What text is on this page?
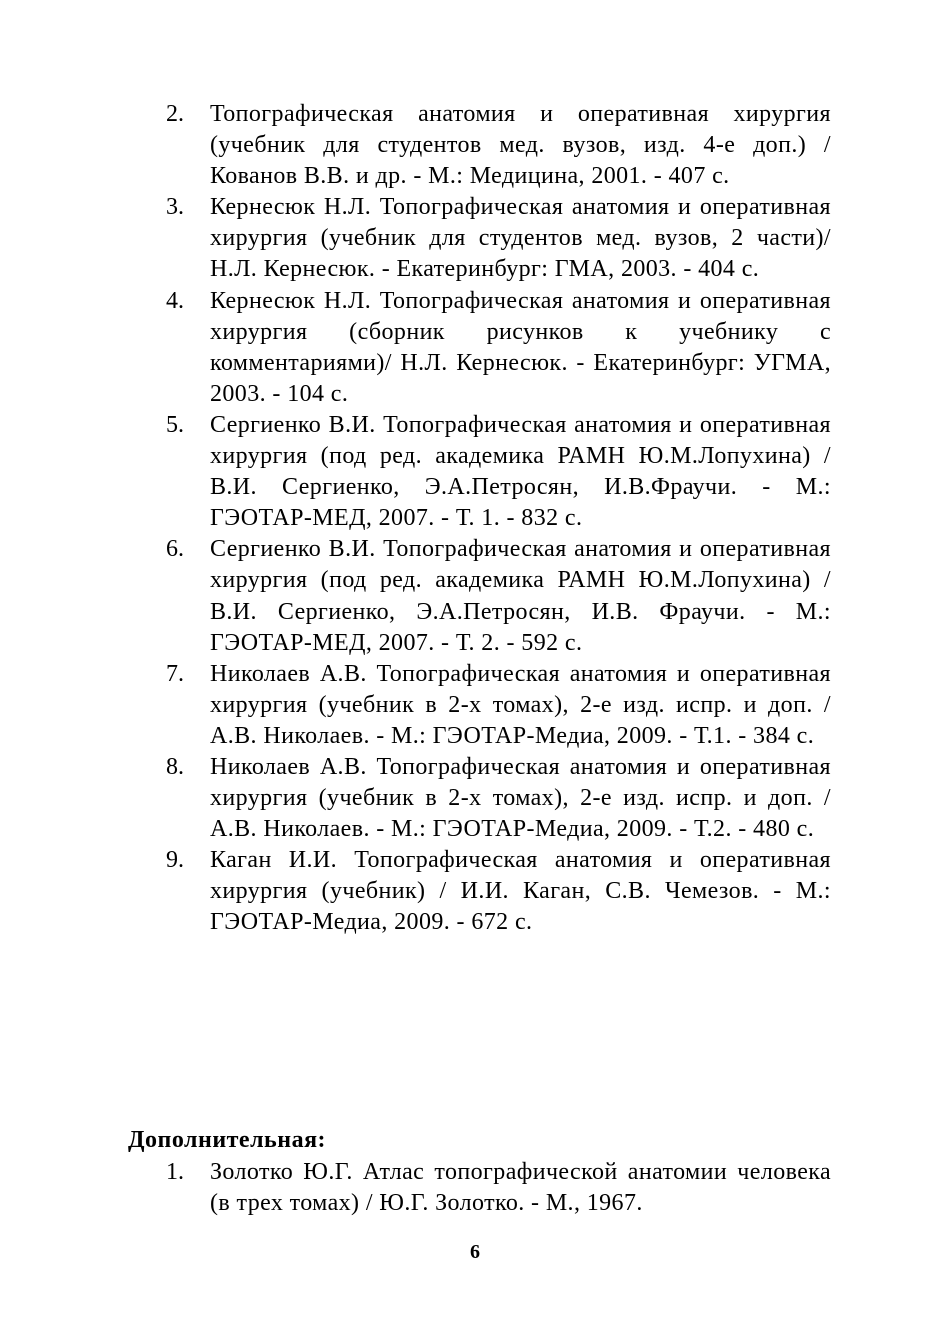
2.	Топографическая анатомия и оперативная хирургия (учебник для студентов мед. вузов, изд. 4-е доп.) / Кованов В.В. и др. - М.: Медицина, 2001. - 407 с.
3.	Кернесюк Н.Л. Топографическая анатомия и оперативная хирургия (учебник для студентов мед. вузов, 2 части)/ Н.Л. Кернесюк. - Екатеринбург: ГМА, 2003. - 404 с.
4.	Кернесюк Н.Л. Топографическая анатомия и оперативная хирургия (сборник рисунков к учебнику с комментариями)/ Н.Л. Кернесюк. - Екатеринбург: УГМА, 2003. - 104 с.
5.	Сергиенко В.И. Топографическая анатомия и оперативная хирургия (под ред. академика РАМН Ю.М.Лопухина) / В.И. Сергиенко, Э.А.Петросян, И.В.Фраучи. - М.: ГЭОТАР-МЕД, 2007. - Т. 1. - 832 с.
6.	Сергиенко В.И. Топографическая анатомия и оперативная хирургия (под ред. академика РАМН Ю.М.Лопухина) / В.И. Сергиенко, Э.А.Петросян, И.В. Фраучи. - М.: ГЭОТАР-МЕД, 2007. - Т. 2. - 592 с.
7.	Николаев А.В. Топографическая анатомия и оперативная хирургия (учебник в 2-х томах), 2-е изд. испр. и доп. / А.В. Николаев. - М.: ГЭОТАР-Медиа, 2009. - Т.1. - 384 с.
8.	Николаев А.В. Топографическая анатомия и оперативная хирургия (учебник в 2-х томах), 2-е изд. испр. и доп. / А.В. Николаев. - М.: ГЭОТАР-Медиа, 2009. - Т.2. - 480 с.
9.	Каган И.И. Топографическая анатомия и оперативная хирургия (учебник) / И.И. Каган, С.В. Чемезов. - М.: ГЭОТАР-Медиа, 2009. - 672 с.
Дополнительная:
1.	Золотко Ю.Г. Атлас топографической анатомии человека (в трех томах) / Ю.Г. Золотко. - М., 1967.
6
